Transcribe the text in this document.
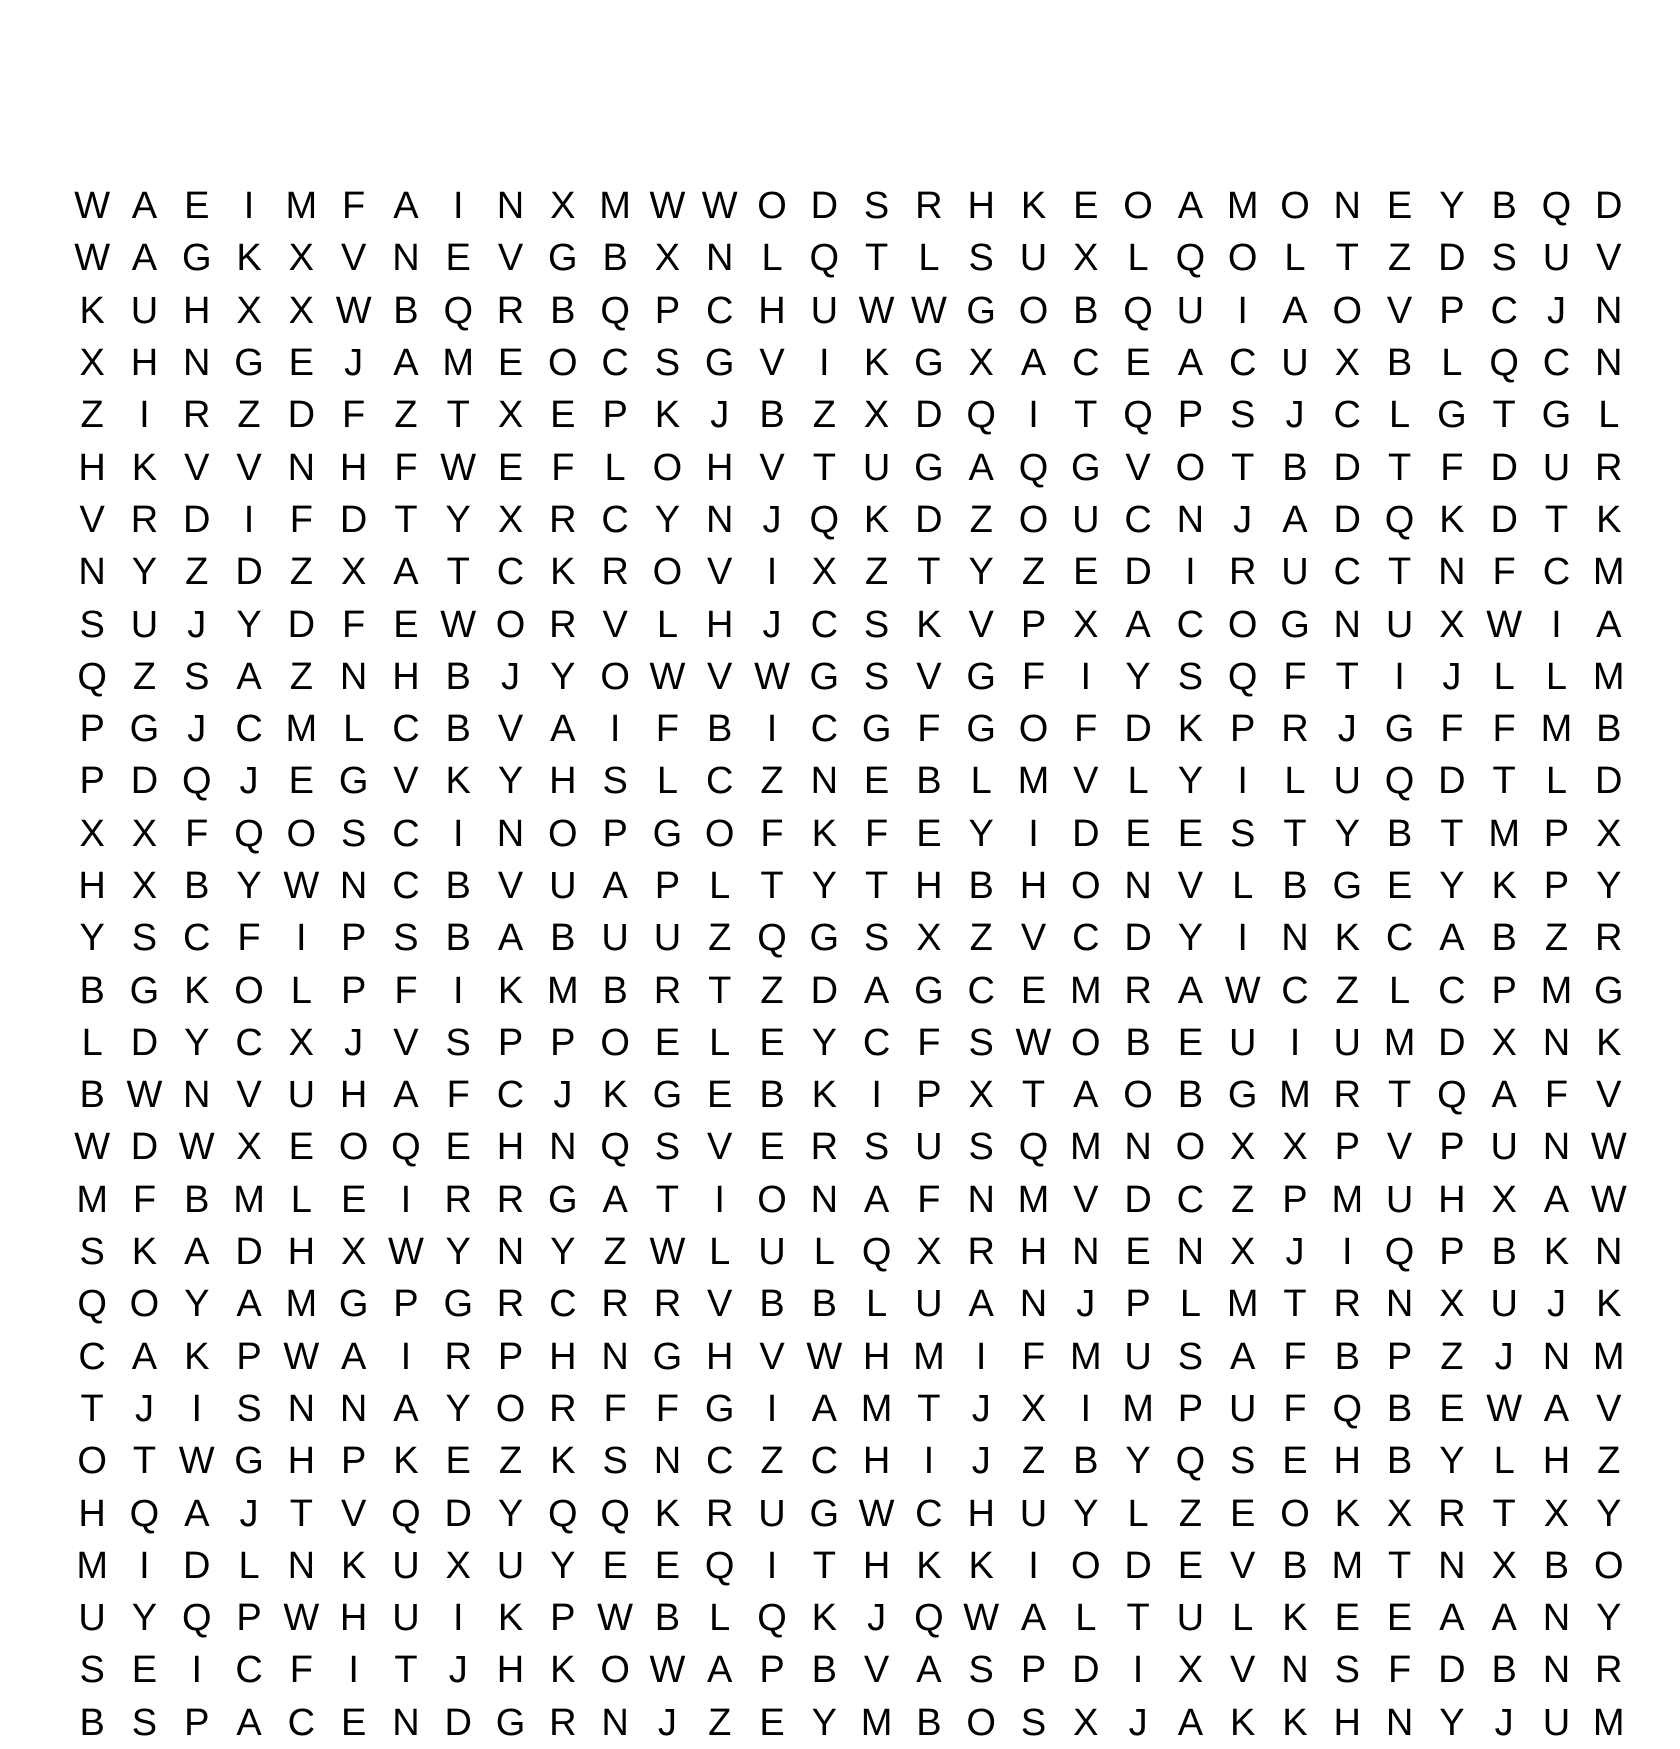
W A E I M F A I N X M W W O D S R H K E O A M O N E Y B Q D
W A G K X V N E V G B X N L Q T L S U X L Q O L T Z D S U V
K U H X X W B Q R B Q P C H U W W G O B Q U I A O V P C J N
X H N G E J A M E O C S G V I K G X A C E A C U X B L Q C N
Z I R Z D F Z T X E P K J B Z X D Q I T Q P S J C L G T G L
H K V V N H F W E F L O H V T U G A Q G V O T B D T F D U R
V R D I F D T Y X R C Y N J Q K D Z O U C N J A D Q K D T K
N Y Z D Z X A T C K R O V I X Z T Y Z E D I R U C T N F C M
S U J Y D F E W O R V L H J C S K V P X A C O G N U X W I A
Q Z S A Z N H B J Y O W V W G S V G F I Y S Q F T I J L L M
P G J C M L C B V A I F B I C G F G O F D K P R J G F F M B
P D Q J E G V K Y H S L C Z N E B L M V L Y I L U Q D T L D
X X F Q O S C I N O P G O F K F E Y I D E E S T Y B T M P X
H X B Y W N C B V U A P L T Y T H B H O N V L B G E Y K P Y
Y S C F I P S B A B U U Z Q G S X Z V C D Y I N K C A B Z R
B G K O L P F I K M B R T Z D A G C E M R A W C Z L C P M G
L D Y C X J V S P P O E L E Y C F S W O B E U I U M D X N K
B W N V U H A F C J K G E B K I P X T A O B G M R T Q A F V
W D W X E O Q E H N Q S V E R S U S Q M N O X X P V P U N W
M F B M L E I R R G A T I O N A F N M V D C Z P M U H X A W
S K A D H X W Y N Y Z W L U L Q X R H N E N X J I Q P B K N
Q O Y A M G P G R C R R V B B L U A N J P L M T R N X U J K
C A K P W A I R P H N G H V W H M I F M U S A F B P Z J N M
T J I S N N A Y O R F F G I A M T J X I M P U F Q B E W A V
O T W G H P K E Z K S N C Z C H I J Z B Y Q S E H B Y L H Z
H Q A J T V Q D Y Q Q K R U G W C H U Y L Z E O K X R T X Y
M I D L N K U X U Y E E Q I T H K K I O D E V B M T N X B O
U Y Q P W H U I K P W B L Q K J Q W A L T U L K E E A A N Y
S E I C F I T J H K O W A P B V A S P D I X V N S F D B N R
B S P A C E N D G R N J Z E Y M B O S X J A K K H N Y J U M
